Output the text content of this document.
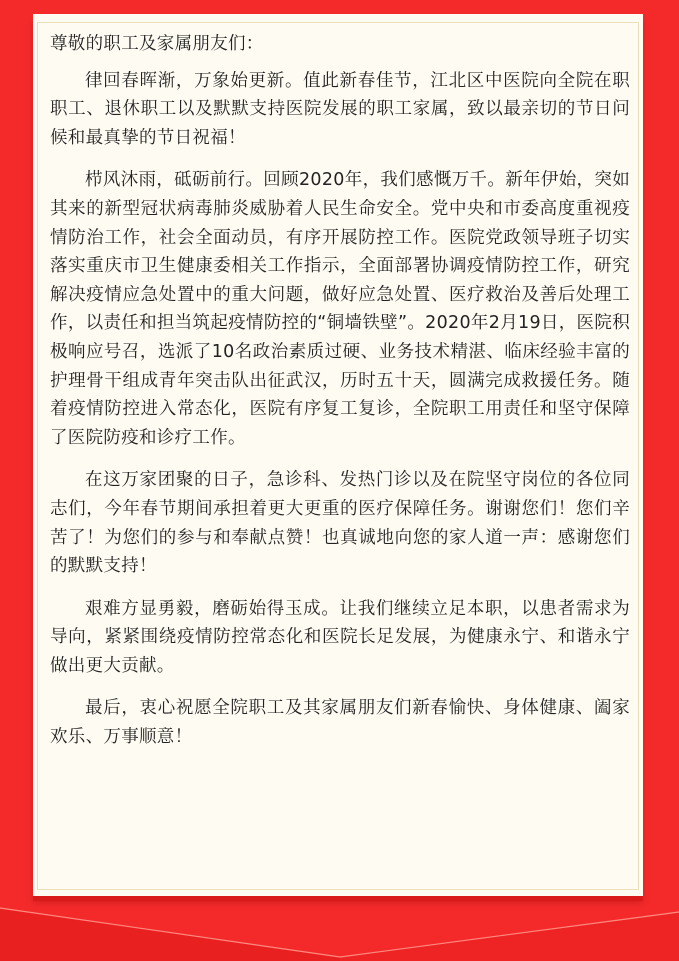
尊敬的职工及家属朋友们：

律回春晖渐，万象始更新。值此新春佳节，江北区中医院向全院在职职工、退休职工以及默默支持医院发展的职工家属，致以最亲切的节日问候和最真挚的节日祝福！

栉风沐雨，砥砺前行。回顾2020年，我们感慨万千。新年伊始，突如其来的新型冠状病毒肺炎威胁着人民生命安全。党中央和市委高度重视疫情防治工作，社会全面动员，有序开展防控工作。医院党政领导班子切实落实重庆市卫生健康委相关工作指示，全面部署协调疫情防控工作，研究解决疫情应急处置中的重大问题，做好应急处置、医疗救治及善后处理工作，以责任和担当筑起疫情防控的“铜墙铁壁”。2020年2月19日，医院积极响应号召，选派了10名政治素质过硬、业务技术精湛、临床经验丰富的护理骨干组成青年突击队出征武汉，历时五十天，圆满完成救援任务。随着疫情防控进入常态化，医院有序复工复诊，全院职工用责任和坚守保障了医院防疫和诊疗工作。

在这万家团聚的日子，急诊科、发热门诊以及在院坚守岗位的各位同志们，今年春节期间承担着更大更重的医疗保障任务。谢谢您们！您们辛苦了！为您们的参与和奉献点赞！也真诚地向您的家人道一声：感谢您们的默默支持！

艰难方显勇毅，磨砺始得玉成。让我们继续立足本职，以患者需求为导向，紧紧围绕疫情防控常态化和医院长足发展，为健康永宁、和谐永宁做出更大贡献。

最后，衷心祝愿全院职工及其家属朋友们新春愉快、身体健康、阖家欢乐、万事顺意！
